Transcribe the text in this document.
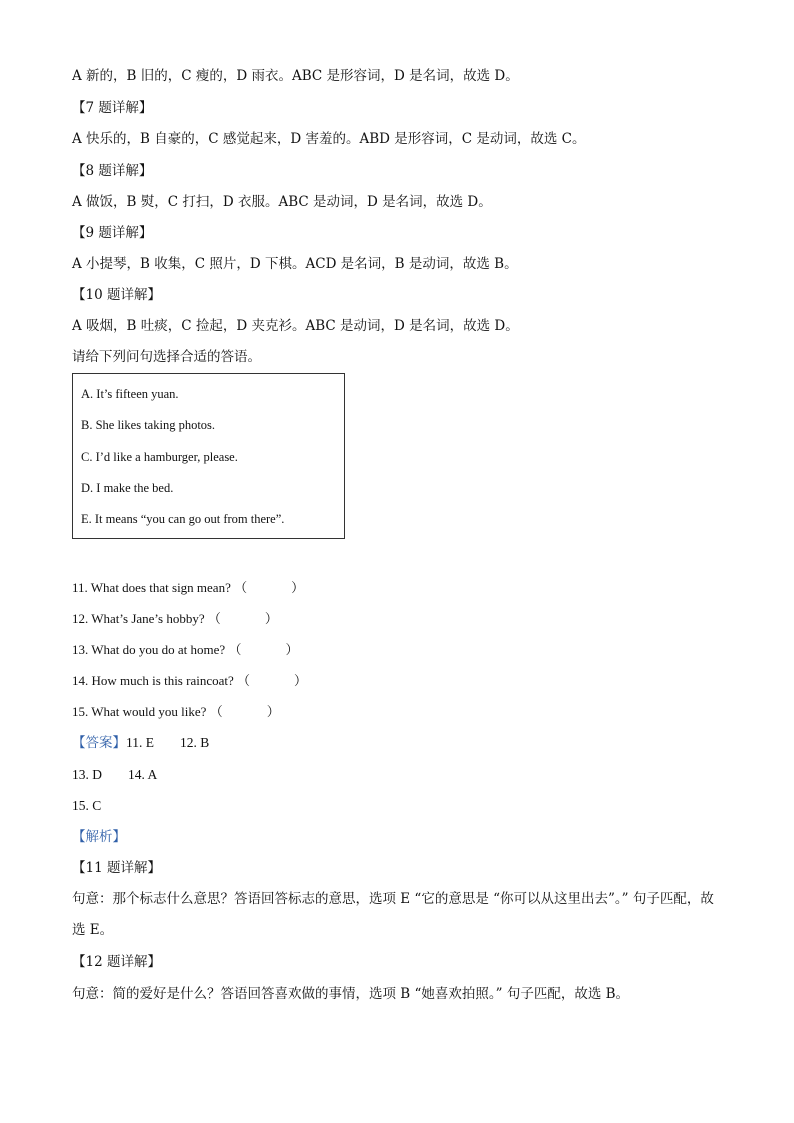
A 新的，B 旧的，C 瘦的，D 雨衣。ABC 是形容词，D 是名词，故选 D。
【7 题详解】
A 快乐的，B 自豪的，C 感觉起来，D 害羞的。ABD 是形容词，C 是动词，故选 C。
【8 题详解】
A 做饭，B 熨，C 打扫，D 衣服。ABC 是动词，D 是名词，故选 D。
【9 题详解】
A 小提琴，B 收集，C 照片，D 下棋。ACD 是名词，B 是动词，故选 B。
【10 题详解】
A 吸烟，B 吐痰，C 捡起，D 夹克衫。ABC 是动词，D 是名词，故选 D。
请给下列问句选择合适的答语。
A. It’s fifteen yuan.
B. She likes taking photos.
C. I’d like a hamburger, please.
D. I make the bed.
E. It means “you can go out from there”.
11. What does that sign mean? （	）
12. What’s Jane’s hobby? （	）
13. What do you do at home? （	）
14. How much is this raincoat? （	）
15. What would you like? （	）
【答案】11. E 12. B
13. D 14. A
15. C
【解析】
【11 题详解】
句意：那个标志什么意思？答语回答标志的意思，选项 E “它的意思是 “你可以从这里出去”。” 句子匹配，故选 E。
【12 题详解】
句意：简的爱好是什么？答语回答喜欢做的事情，选项 B “她喜欢拍照。” 句子匹配，故选 B。
